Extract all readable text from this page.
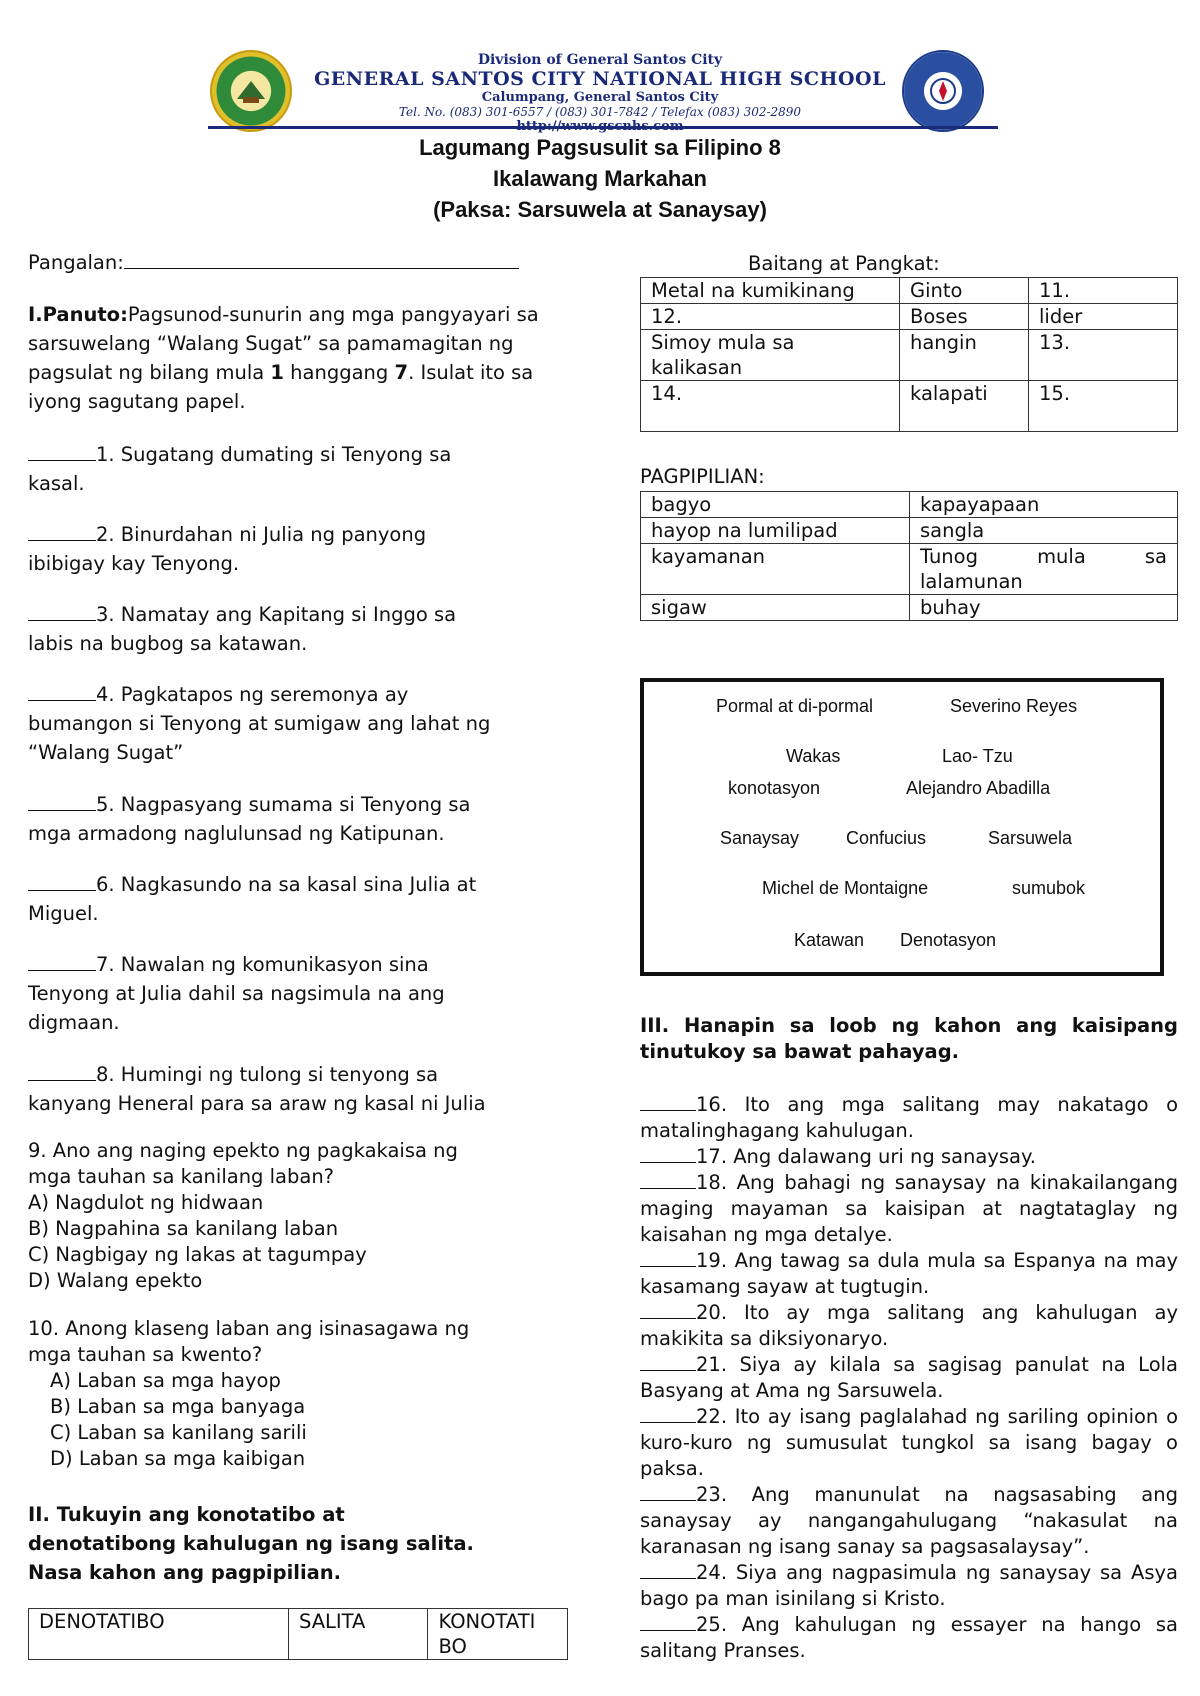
Division of General Santos City
GENERAL SANTOS CITY NATIONAL HIGH SCHOOL
Calumpang, General Santos City
Tel. No. (083) 301-6557 / (083) 301-7842 / Telefax (083) 302-2890
Lagumang Pagsusulit sa Filipino 8
Ikalawang Markahan
(Paksa: Sarsuwela at Sanaysay)
Pangalan:
I.Panuto:Pagsunod-sunurin ang mga pangyayari sa sarsuwelang “Walang Sugat” sa pamamagitan ng pagsulat ng bilang mula 1 hanggang 7. Isulat ito sa iyong sagutang papel.

1. Sugatang dumating si Tenyong sa

kasal.

2. Binurdahan ni Julia ng panyong

ibibigay kay Tenyong.

3. Namatay ang Kapitang si Inggo sa

labis na bugbog sa katawan.

4. Pagkatapos ng seremonya ay

bumangon si Tenyong at sumigaw ang lahat ng

“Walang Sugat”

5. Nagpasyang sumama si Tenyong sa

mga armadong naglulunsad ng Katipunan.

6. Nagkasundo na sa kasal sina Julia at

Miguel.

7. Nawalan ng komunikasyon sina

Tenyong at Julia dahil sa nagsimula na ang

digmaan.

8. Humingi ng tulong si tenyong sa

kanyang Heneral para sa araw ng kasal ni Julia

9. Ano ang naging epekto ng pagkakaisa ng

mga tauhan sa kanilang laban?

A) Nagdulot ng hidwaan

B) Nagpahina sa kanilang laban

C) Nagbigay ng lakas at tagumpay

D) Walang epekto

10. Anong klaseng laban ang isinasagawa ng

mga tauhan sa kwento?

A) Laban sa mga hayop

B) Laban sa mga banyaga

C) Laban sa kanilang sarili

D) Laban sa mga kaibigan

II. Tukuyin ang konotatibo at

denotatibong kahulugan ng isang salita.

Nasa kahon ang pagpipilian.

DENOTATIBO	SALITA	KONOTATI BO
Baitang at Pangkat:
Metal na kumikinang	Ginto	11.
12.	Boses	lider
Simoy mula sa kalikasan	hangin	13.
14.	kalapati	15.
PAGPIPILIAN:
bagyo	kapayapaan
hayop na lumilipad	sangla
kayamanan	Tunog mula sa lalamunan
sigaw	buhay
Pormal at di-pormal	Severino Reyes
Wakas	Lao- Tzu
konotasyon	Alejandro Abadilla
Sanaysay	Confucius	Sarsuwela
Michel de Montaigne	sumubok
Katawan Denotasyon
III. Hanapin sa loob ng kahon ang kaisipang tinutukoy sa bawat pahayag.

16. Ito ang mga salitang may nakatago o matalinghagang kahulugan.

17. Ang dalawang uri ng sanaysay.

18. Ang bahagi ng sanaysay na kinakailangang maging mayaman sa kaisipan at nagtataglay ng kaisahan ng mga detalye.

19. Ang tawag sa dula mula sa Espanya na may kasamang sayaw at tugtugin.

20. Ito ay mga salitang ang kahulugan ay makikita sa diksiyonaryo.

21. Siya ay kilala sa sagisag panulat na Lola Basyang at Ama ng Sarsuwela.

22. Ito ay isang paglalahad ng sariling opinion o kuro-kuro ng sumusulat tungkol sa isang bagay o paksa.

23. Ang manunulat na nagsasabing ang sanaysay ay nangangahulugang “nakasulat na karanasan ng isang sanay sa pagsasalaysay”.

24. Siya ang nagpasimula ng sanaysay sa Asya bago pa man isinilang si Kristo.

25. Ang kahulugan ng essayer na hango sa salitang Pranses.
